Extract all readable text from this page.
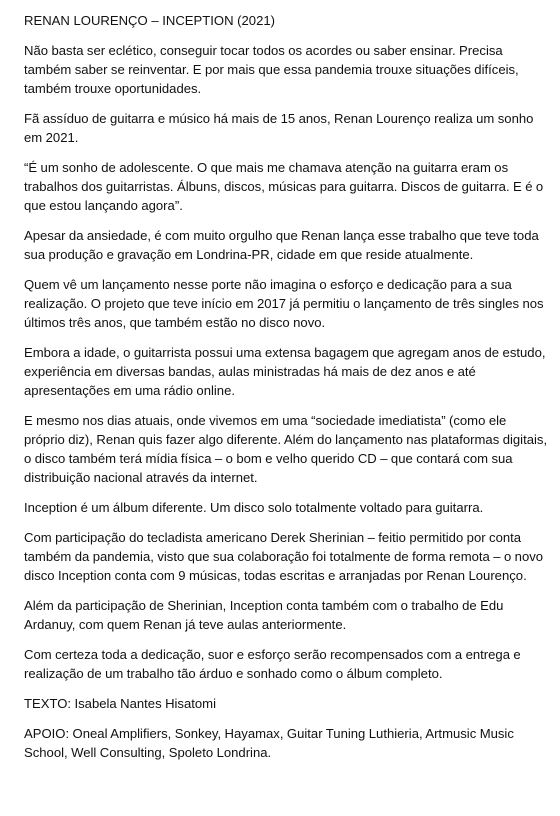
RENAN LOURENÇO – INCEPTION (2021)

Não basta ser eclético, conseguir tocar todos os acordes ou saber ensinar. Precisa também saber se reinventar. E por mais que essa pandemia trouxe situações difíceis, também trouxe oportunidades.

Fã assíduo de guitarra e músico há mais de 15 anos, Renan Lourenço realiza um sonho em 2021.

“É um sonho de adolescente. O que mais me chamava atenção na guitarra eram os trabalhos dos guitarristas. Álbuns, discos, músicas para guitarra. Discos de guitarra. E é o que estou lançando agora”.

Apesar da ansiedade, é com muito orgulho que Renan lança esse trabalho que teve toda sua produção e gravação em Londrina-PR, cidade em que reside atualmente.

Quem vê um lançamento nesse porte não imagina o esforço e dedicação para a sua realização. O projeto que teve início em 2017 já permitiu o lançamento de três singles nos últimos três anos, que também estão no disco novo.

Embora a idade, o guitarrista possui uma extensa bagagem que agregam anos de estudo, experiência em diversas bandas, aulas ministradas há mais de dez anos e até apresentações em uma rádio online.

E mesmo nos dias atuais, onde vivemos em uma “sociedade imediatista” (como ele próprio diz), Renan quis fazer algo diferente. Além do lançamento nas plataformas digitais, o disco também terá mídia física – o bom e velho querido CD – que contará com sua distribuição nacional através da internet.

Inception é um álbum diferente. Um disco solo totalmente voltado para guitarra.

Com participação do tecladista americano Derek Sherinian – feitio permitido por conta também da pandemia, visto que sua colaboração foi totalmente de forma remota – o novo disco Inception conta com 9 músicas, todas escritas e arranjadas por Renan Lourenço.

Além da participação de Sherinian, Inception conta também com o trabalho de Edu Ardanuy, com quem Renan já teve aulas anteriormente.

Com certeza toda a dedicação, suor e esforço serão recompensados com a entrega e realização de um trabalho tão árduo e sonhado como o álbum completo.

TEXTO: Isabela Nantes Hisatomi

APOIO: Oneal Amplifiers, Sonkey, Hayamax, Guitar Tuning Luthieria, Artmusic Music School, Well Consulting, Spoleto Londrina.
